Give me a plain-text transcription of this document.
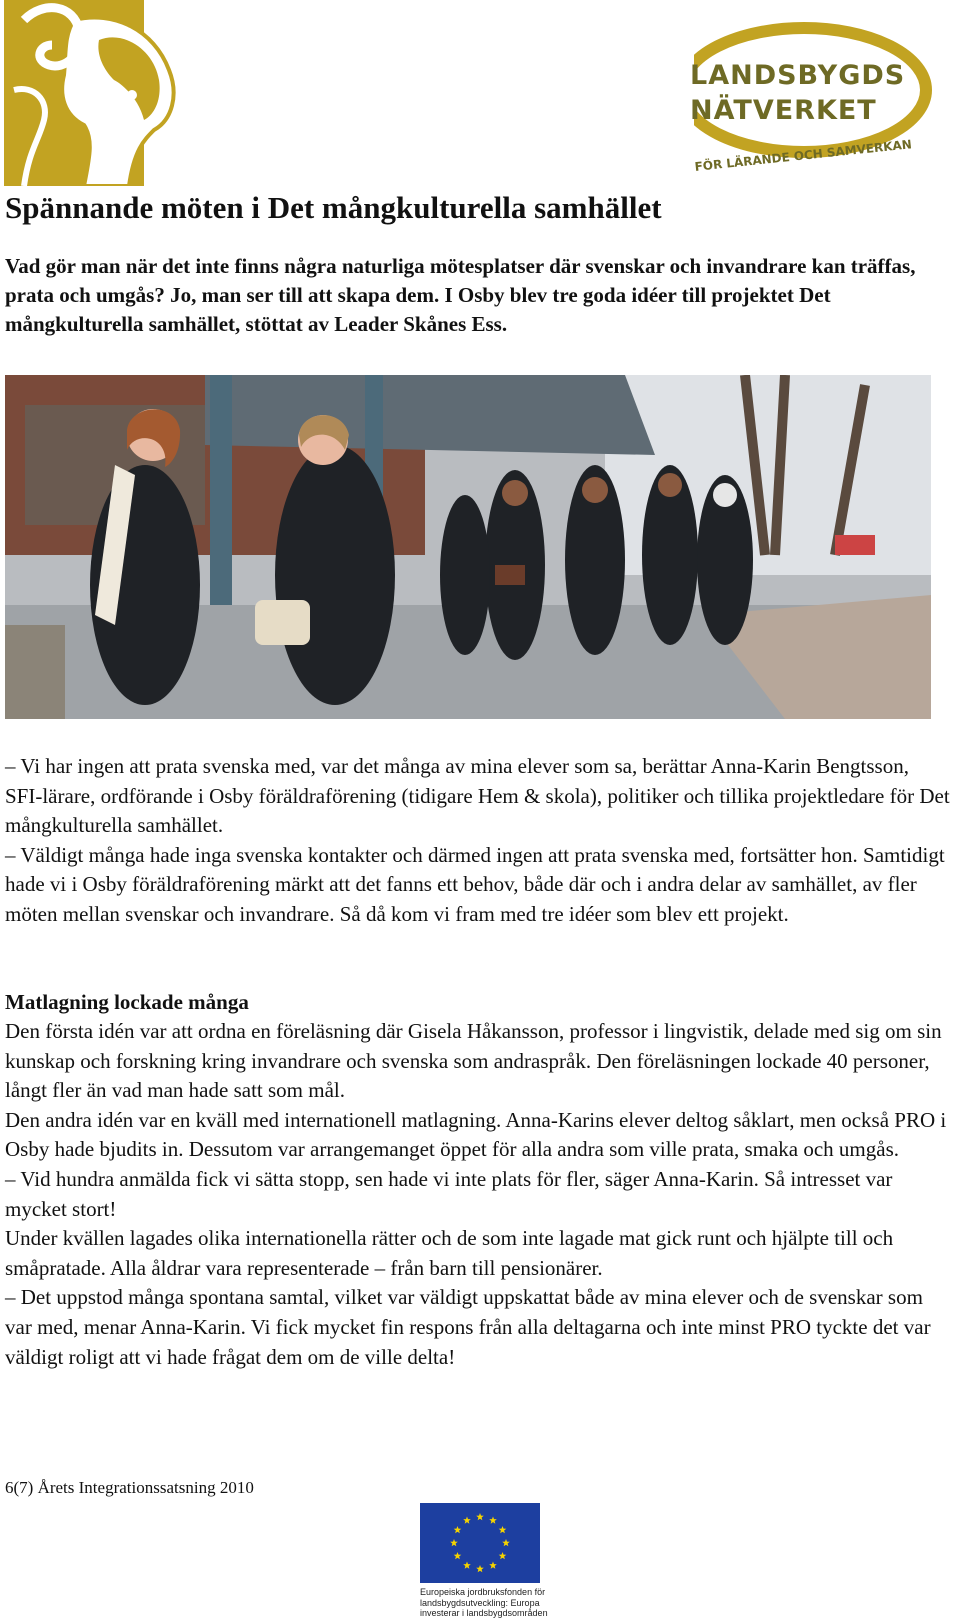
LANDSBYGDS
NÄTVERKET
FÖR LÄRANDE OCH SAMVERKAN
Spännande möten i Det mångkulturella samhället

Vad gör man när det inte finns några naturliga mötesplatser där svenskar och invandrare kan träffas, prata och umgås? Jo, man ser till att skapa dem. I Osby blev tre goda idéer till projektet Det mångkulturella samhället, stöttat av Leader Skånes Ess.

– Vi har ingen att prata svenska med, var det många av mina elever som sa, berättar Anna-Karin Bengtsson, SFI-lärare, ordförande i Osby föräldraförening (tidigare Hem & skola), politiker och tillika projektledare för Det mångkulturella samhället.

– Väldigt många hade inga svenska kontakter och därmed ingen att prata svenska med, fortsätter hon. Samtidigt hade vi i Osby föräldraförening märkt att det fanns ett behov, både där och i andra delar av samhället, av fler möten mellan svenskar och invandrare. Så då kom vi fram med tre idéer som blev ett projekt.

Matlagning lockade många

Den första idén var att ordna en föreläsning där Gisela Håkansson, professor i lingvistik, delade med sig om sin kunskap och forskning kring invandrare och svenska som andraspråk. Den föreläsningen lockade 40 personer, långt fler än vad man hade satt som mål.

Den andra idén var en kväll med internationell matlagning. Anna-Karins elever deltog såklart, men också PRO i Osby hade bjudits in. Dessutom var arrangemanget öppet för alla andra som ville prata, smaka och umgås.

– Vid hundra anmälda fick vi sätta stopp, sen hade vi inte plats för fler, säger Anna-Karin. Så intresset var mycket stort!

Under kvällen lagades olika internationella rätter och de som inte lagade mat gick runt och hjälpte till och småpratade. Alla åldrar vara representerade – från barn till pensionärer.

– Det uppstod många spontana samtal, vilket var väldigt uppskattat både av mina elever och de svenskar som var med, menar Anna-Karin. Vi fick mycket fin respons från alla deltagarna och inte minst PRO tyckte det var väldigt roligt att vi hade frågat dem om de ville delta!

6(7) Årets Integrationssatsning 2010

Europeiska jordbruksfonden för
landsbygdsutveckling: Europa
investerar i landsbygdsområden
